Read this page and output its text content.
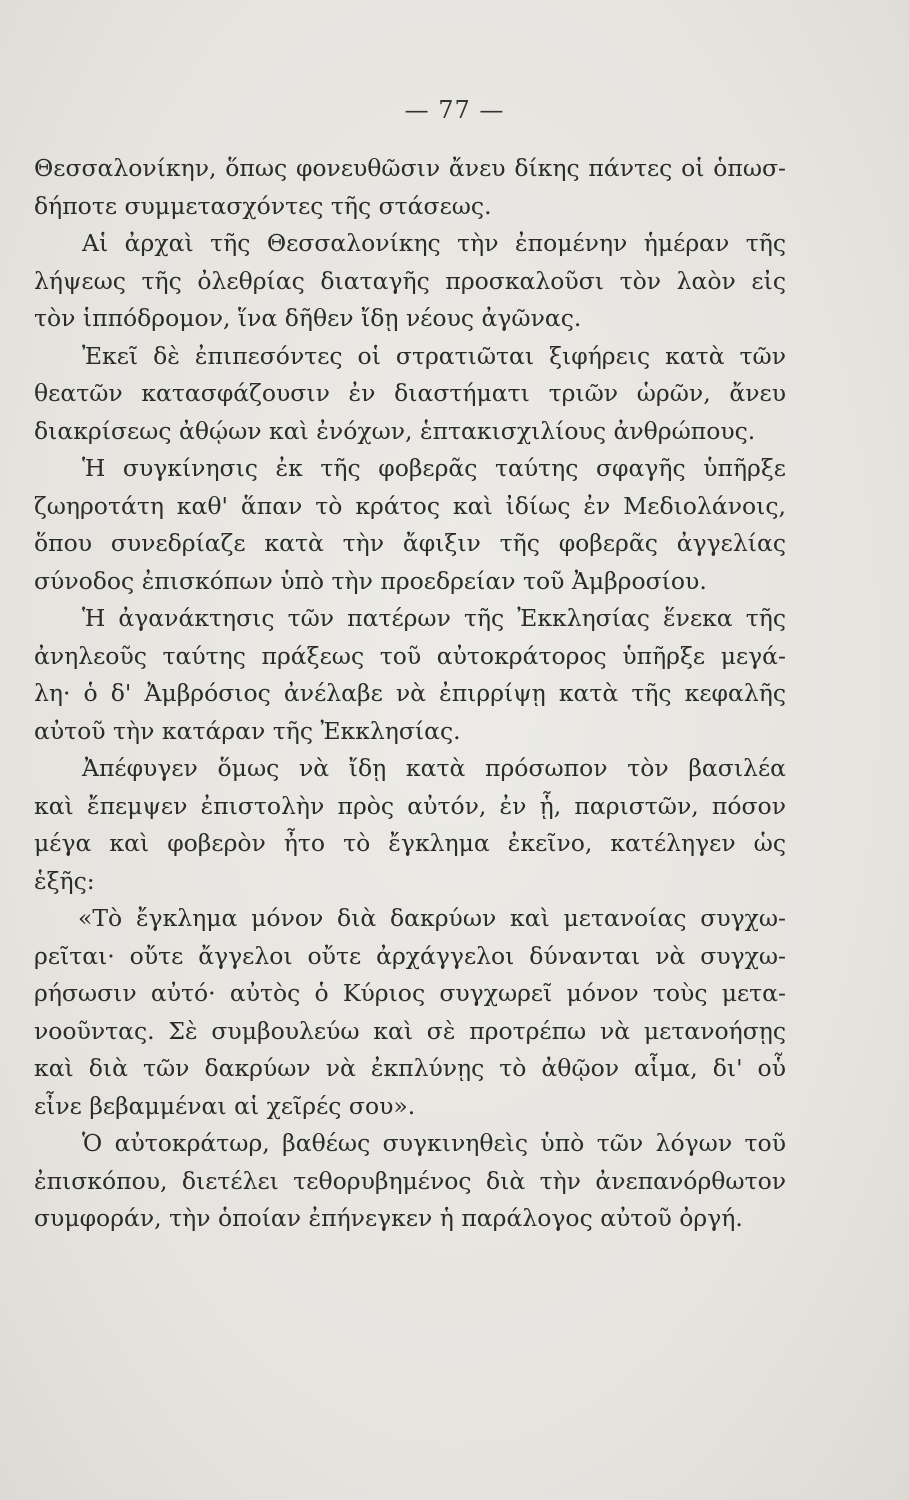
— 77 —
Θεσσαλονίκην, ὅπως φονευθῶσιν ἄνευ δίκης πάντες οἱ ὁπωσ-
δήποτε συμμετασχόντες τῆς στάσεως.
Αἱ ἀρχαὶ τῆς Θεσσαλονίκης τὴν ἐπομένην ἡμέραν τῆς
λήψεως τῆς ὀλεθρίας διαταγῆς προσκαλοῦσι τὸν λαὸν εἰς
τὸν ἱππόδρομον, ἵνα δῆθεν ἴδῃ νέους ἀγῶνας.
Ἐκεῖ δὲ ἐπιπεσόντες οἱ στρατιῶται ξιφήρεις κατὰ τῶν
θεατῶν κατασφάζουσιν ἐν διαστήματι τριῶν ὡρῶν, ἄνευ
διακρίσεως ἀθῴων καὶ ἐνόχων, ἑπτακισχιλίους ἀνθρώπους.
Ἡ συγκίνησις ἐκ τῆς φοβερᾶς ταύτης σφαγῆς ὑπῆρξε
ζωηροτάτη καθ' ἅπαν τὸ κράτος καὶ ἰδίως ἐν Μεδιολάνοις,
ὅπου συνεδρίαζε κατὰ τὴν ἄφιξιν τῆς φοβερᾶς ἀγγελίας
σύνοδος ἐπισκόπων ὑπὸ τὴν προεδρείαν τοῦ Ἀμβροσίου.
Ἡ ἀγανάκτησις τῶν πατέρων τῆς Ἐκκλησίας ἕνεκα τῆς
ἀνηλεοῦς ταύτης πράξεως τοῦ αὐτοκράτορος ὑπῆρξε μεγά-
λη· ὁ δ' Ἀμβρόσιος ἀνέλαβε νὰ ἐπιρρίψῃ κατὰ τῆς κεφαλῆς
αὐτοῦ τὴν κατάραν τῆς Ἐκκλησίας.
Ἀπέφυγεν ὅμως νὰ ἴδῃ κατὰ πρόσωπον τὸν βασιλέα
καὶ ἔπεμψεν ἐπιστολὴν πρὸς αὐτόν, ἐν ᾗ, παριστῶν, πόσον
μέγα καὶ φοβερὸν ἦτο τὸ ἔγκλημα ἐκεῖνο, κατέληγεν ὡς
ἑξῆς:
«Τὸ ἔγκλημα μόνον διὰ δακρύων καὶ μετανοίας συγχω-
ρεῖται· οὔτε ἄγγελοι οὔτε ἀρχάγγελοι δύνανται νὰ συγχω-
ρήσωσιν αὐτό· αὐτὸς ὁ Κύριος συγχωρεῖ μόνον τοὺς μετα-
νοοῦντας. Σὲ συμβουλεύω καὶ σὲ προτρέπω νὰ μετανοήσῃς
καὶ διὰ τῶν δακρύων νὰ ἐκπλύνῃς τὸ ἀθῷον αἷμα, δι' οὗ
εἶνε βεβαμμέναι αἱ χεῖρές σου».
Ὁ αὐτοκράτωρ, βαθέως συγκινηθεὶς ὑπὸ τῶν λόγων τοῦ
ἐπισκόπου, διετέλει τεθορυβημένος διὰ τὴν ἀνεπανόρθωτον
συμφοράν, τὴν ὁποίαν ἐπήνεγκεν ἡ παράλογος αὐτοῦ ὀργή.
